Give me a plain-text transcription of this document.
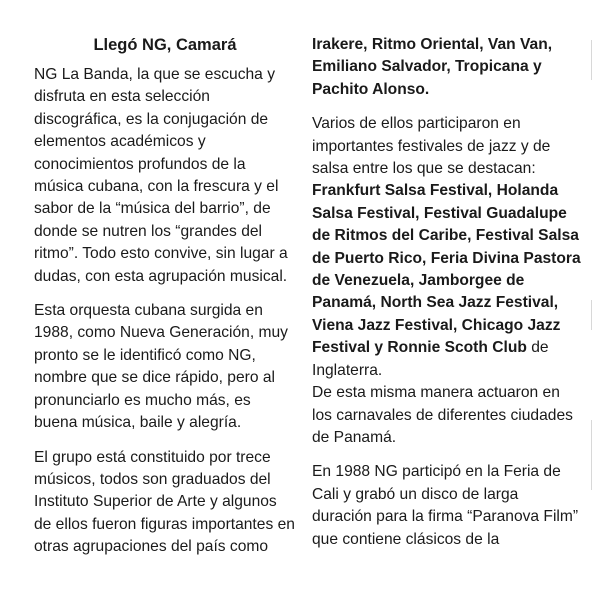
Llegó NG, Camará

NG La Banda, la que se escucha y disfruta en esta selección discográfica, es la conjugación de elementos académicos y conocimientos profundos de la música cubana, con la frescura y el sabor de la “música del barrio”, de donde se nutren los “grandes del ritmo”. Todo esto convive, sin lugar a dudas, con esta agrupación musical.

Esta orquesta cubana surgida en 1988, como Nueva Generación, muy pronto se le identificó como NG, nombre que se dice rápido, pero al pronunciarlo es mucho más, es buena música, baile y alegría.

El grupo está constituido por trece músicos, todos son graduados del Instituto Superior de Arte y algunos de ellos fueron figuras importantes en otras agrupaciones del país como

Irakere, Ritmo Oriental, Van Van, Emiliano Salvador, Tropicana y Pachito Alonso.

Varios de ellos participaron en importantes festivales de jazz y de salsa entre los que se destacan: Frankfurt Salsa Festival, Holanda Salsa Festival, Festival Guadalupe de Ritmos del Caribe, Festival Salsa de Puerto Rico, Feria Divina Pastora de Venezuela, Jamborgee de Panamá, North Sea Jazz Festival, Viena Jazz Festival, Chicago Jazz Festival y Ronnie Scoth Club de Inglaterra.
De esta misma manera actuaron en los carnavales de diferentes ciudades de Panamá.

En 1988 NG participó en la Feria de Cali y grabó un disco de larga duración para la firma “Paranova Film” que contiene clásicos de la
